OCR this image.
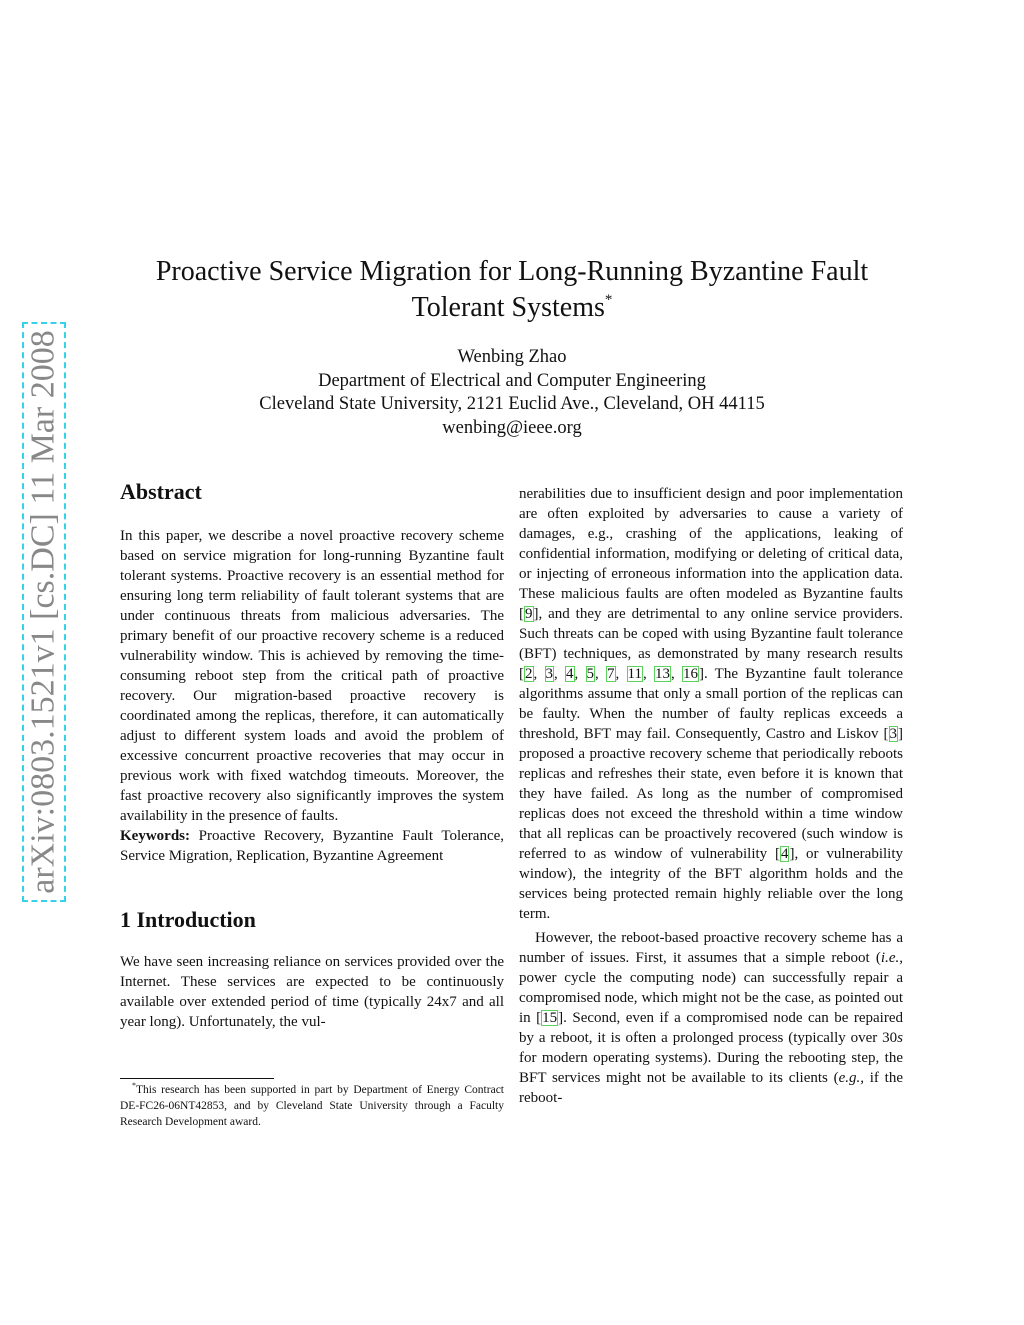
arXiv:0803.1521v1 [cs.DC] 11 Mar 2008
Proactive Service Migration for Long-Running Byzantine Fault Tolerant Systems*
Wenbing Zhao
Department of Electrical and Computer Engineering
Cleveland State University, 2121 Euclid Ave., Cleveland, OH 44115
wenbing@ieee.org
Abstract

In this paper, we describe a novel proactive recovery scheme based on service migration for long-running Byzantine fault tolerant systems. Proactive recovery is an essential method for ensuring long term reliability of fault tolerant systems that are under continuous threats from malicious adversaries. The primary benefit of our proactive recovery scheme is a reduced vulnerability window. This is achieved by removing the time-consuming reboot step from the critical path of proactive recovery. Our migration-based proactive recovery is coordinated among the replicas, therefore, it can automatically adjust to different system loads and avoid the problem of excessive concurrent proactive recoveries that may occur in previous work with fixed watchdog timeouts. Moreover, the fast proactive recovery also significantly improves the system availability in the presence of faults.

Keywords: Proactive Recovery, Byzantine Fault Tolerance, Service Migration, Replication, Byzantine Agreement

1 Introduction

We have seen increasing reliance on services provided over the Internet. These services are expected to be continuously available over extended period of time (typically 24x7 and all year long). Unfortunately, the vul-

nerabilities due to insufficient design and poor implementation are often exploited by adversaries to cause a variety of damages, e.g., crashing of the applications, leaking of confidential information, modifying or deleting of critical data, or injecting of erroneous information into the application data. These malicious faults are often modeled as Byzantine faults [9], and they are detrimental to any online service providers. Such threats can be coped with using Byzantine fault tolerance (BFT) techniques, as demonstrated by many research results [2, 3, 4, 5, 7, 11, 13, 16]. The Byzantine fault tolerance algorithms assume that only a small portion of the replicas can be faulty. When the number of faulty replicas exceeds a threshold, BFT may fail. Consequently, Castro and Liskov [3] proposed a proactive recovery scheme that periodically reboots replicas and refreshes their state, even before it is known that they have failed. As long as the number of compromised replicas does not exceed the threshold within a time window that all replicas can be proactively recovered (such window is referred to as window of vulnerability [4], or vulnerability window), the integrity of the BFT algorithm holds and the services being protected remain highly reliable over the long term.

However, the reboot-based proactive recovery scheme has a number of issues. First, it assumes that a simple reboot (i.e., power cycle the computing node) can successfully repair a compromised node, which might not be the case, as pointed out in [15]. Second, even if a compromised node can be repaired by a reboot, it is often a prolonged process (typically over 30s for modern operating systems). During the rebooting step, the BFT services might not be available to its clients (e.g., if the reboot-

*This research has been supported in part by Department of Energy Contract DE-FC26-06NT42853, and by Cleveland State University through a Faculty Research Development award.
